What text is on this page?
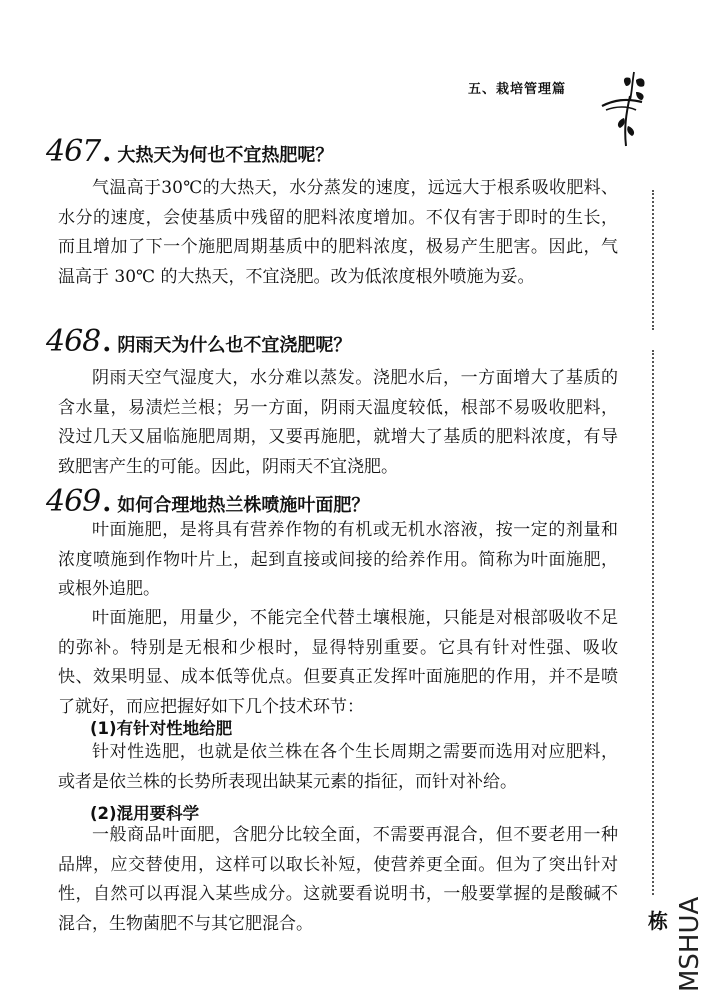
五、栽培管理篇
栋 MSHUA
467 . 大热天为何也不宜热肥呢？

气温高于30℃的大热天，水分蒸发的速度，远远大于根系吸收肥料、水分的速度，会使基质中残留的肥料浓度增加。不仅有害于即时的生长，而且增加了下一个施肥周期基质中的肥料浓度，极易产生肥害。因此，气温高于 30℃ 的大热天，不宜浇肥。改为低浓度根外喷施为妥。

468 . 阴雨天为什么也不宜浇肥呢？

阴雨天空气湿度大，水分难以蒸发。浇肥水后，一方面增大了基质的含水量，易渍烂兰根；另一方面，阴雨天温度较低，根部不易吸收肥料，没过几天又届临施肥周期，又要再施肥，就增大了基质的肥料浓度，有导致肥害产生的可能。因此，阴雨天不宜浇肥。

469 . 如何合理地热兰株喷施叶面肥？

叶面施肥，是将具有营养作物的有机或无机水溶液，按一定的剂量和浓度喷施到作物叶片上，起到直接或间接的给养作用。简称为叶面施肥，或根外追肥。

叶面施肥，用量少，不能完全代替土壤根施，只能是对根部吸收不足的弥补。特别是无根和少根时，显得特别重要。它具有针对性强、吸收快、效果明显、成本低等优点。但要真正发挥叶面施肥的作用，并不是喷了就好，而应把握好如下几个技术环节：

(1)有针对性地给肥

针对性选肥，也就是依兰株在各个生长周期之需要而选用对应肥料，或者是依兰株的长势所表现出缺某元素的指征，而针对补给。

(2)混用要科学

一般商品叶面肥，含肥分比较全面，不需要再混合，但不要老用一种品牌，应交替使用，这样可以取长补短，使营养更全面。但为了突出针对性，自然可以再混入某些成分。这就要看说明书，一般要掌握的是酸碱不混合，生物菌肥不与其它肥混合。
